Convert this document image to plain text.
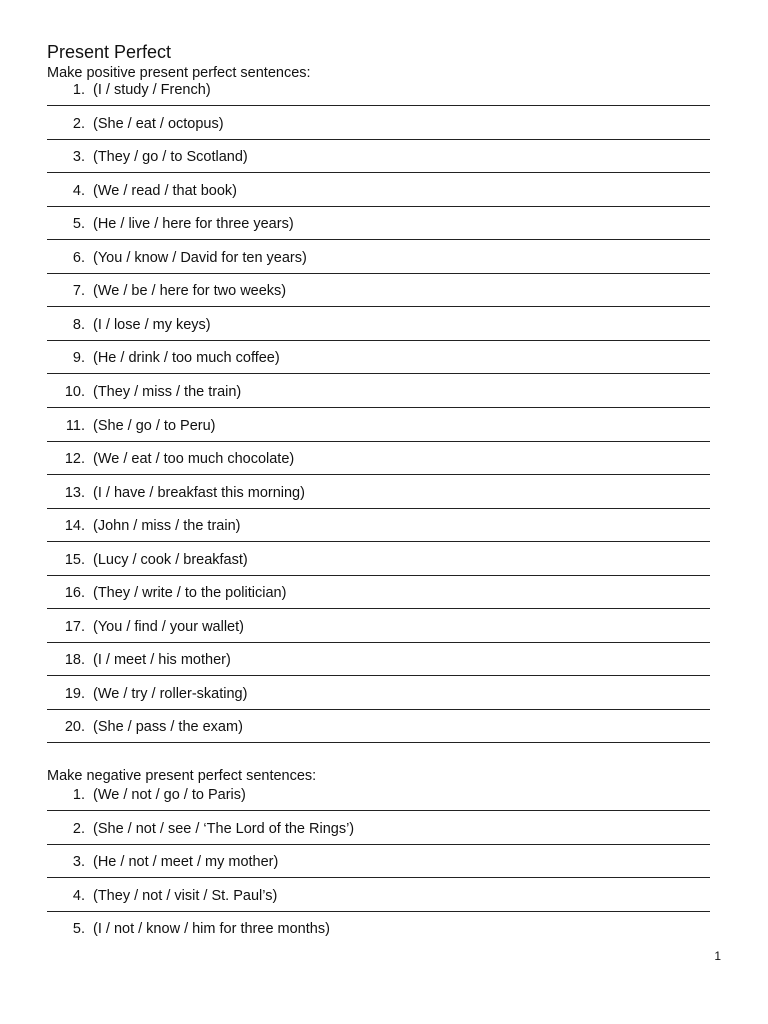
Present Perfect

Make positive present perfect sentences:

1. (I / study / French)
2. (She / eat / octopus)
3. (They / go / to Scotland)
4. (We / read / that book)
5. (He / live / here for three years)
6. (You / know / David for ten years)
7. (We / be / here for two weeks)
8. (I / lose / my keys)
9. (He / drink / too much coffee)
10. (They / miss / the train)
11. (She / go / to Peru)
12. (We / eat / too much chocolate)
13. (I / have / breakfast this morning)
14. (John / miss / the train)
15. (Lucy / cook / breakfast)
16. (They / write / to the politician)
17. (You / find / your wallet)
18. (I / meet / his mother)
19. (We / try / roller-skating)
20. (She / pass / the exam)

Make negative present perfect sentences:

1. (We / not / go / to Paris)
2. (She / not / see / ‘The Lord of the Rings’)
3. (He / not / meet / my mother)
4. (They / not / visit / St. Paul’s)
5. (I / not / know / him for three months)
1
